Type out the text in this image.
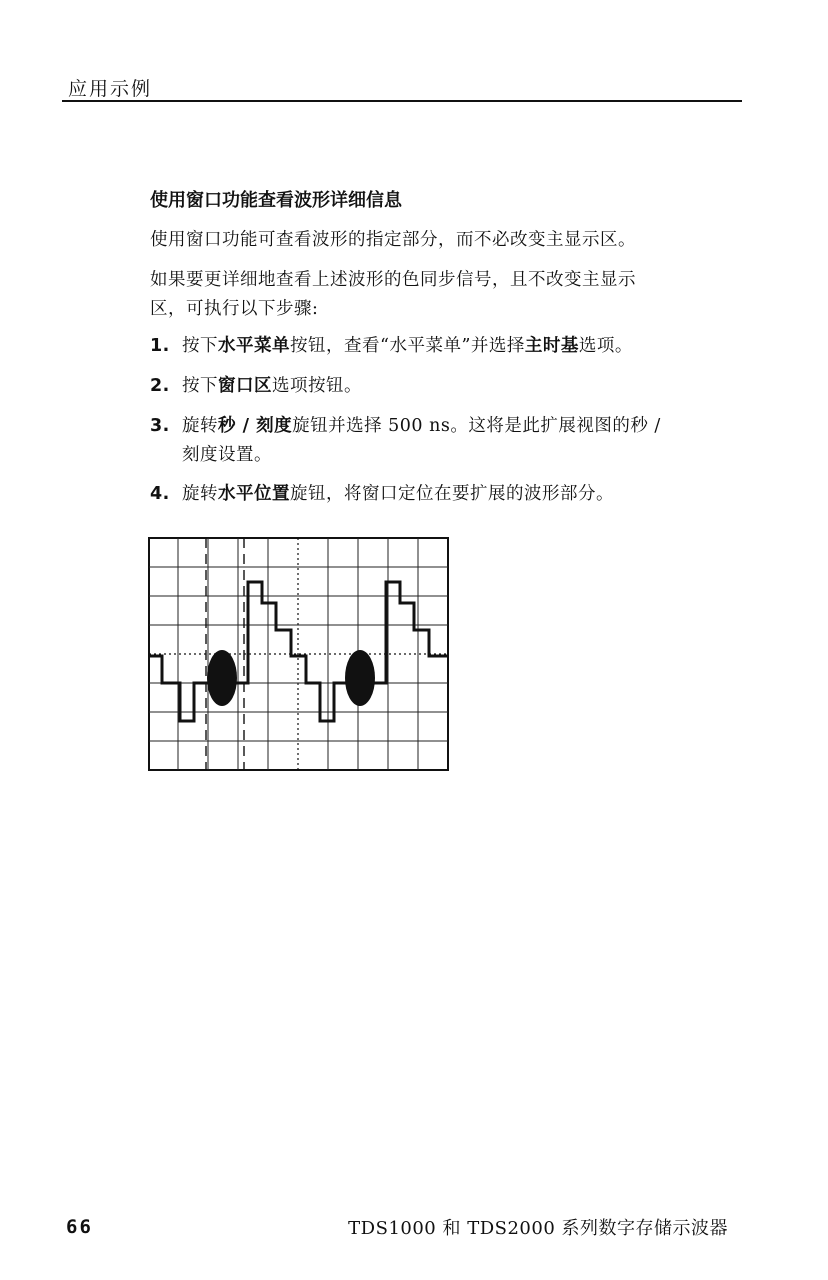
应用示例
使用窗口功能查看波形详细信息
使用窗口功能可查看波形的指定部分，而不必改变主显示区。
如果要更详细地查看上述波形的色同步信号，且不改变主显示
区，可执行以下步骤:
1. 按下水平菜单按钮，查看“水平菜单”并选择主时基选项。
2. 按下窗口区选项按钮。
3. 旋转秒 / 刻度旋钮并选择 500 ns。这将是此扩展视图的秒 /
刻度设置。
4. 旋转水平位置旋钮，将窗口定位在要扩展的波形部分。
66	TDS1000 和 TDS2000 系列数字存储示波器
